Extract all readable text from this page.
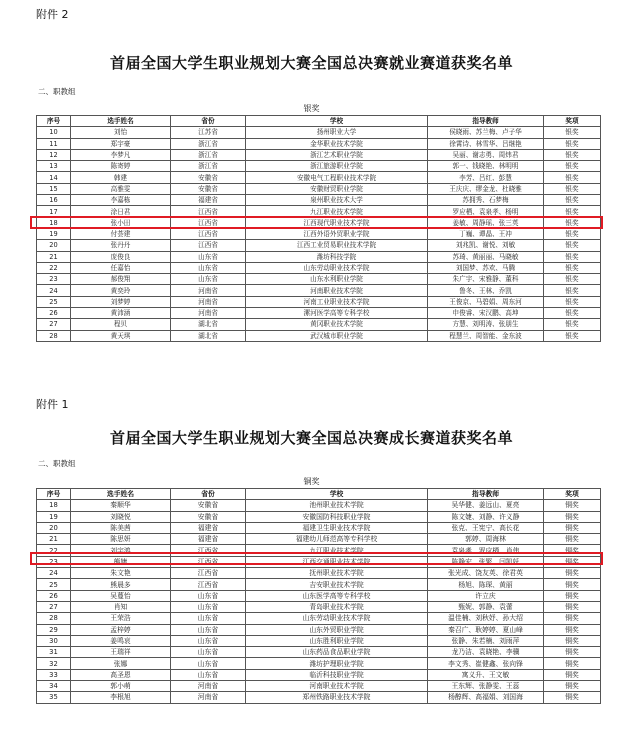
附件 2
首届全国大学生职业规划大赛全国总决赛就业赛道获奖名单
二、职教组
银奖
序号	选手姓名	省份	学校	指导教师	奖项
10	刘怡	江苏省	扬州职业大学	侯晓雨、苏兰梅、卢子华	银奖
11	郑宇豪	浙江省	金华职业技术学院	徐霄诗、林雪华、吕继艳	银奖
12	李梦凡	浙江省	浙江艺术职业学院	吴丽、谢志勇、周炜君	银奖
13	陈寄婷	浙江省	浙江旅游职业学院	郭一、钱晓艳、林明明	银奖
14	韩建	安徽省	安徽电气工程职业技术学院	李芳、吕红、彭慧	银奖
15	高雅雯	安徽省	安徽财贸职业学院	王庆庆、缪金龙、杜晓雅	银奖
16	李嘉栋	福建省	泉州职业技术大学	苏拥秀、石梦梅	银奖
17	涂日君	江西省	九江职业技术学院	罗应栖、袁泉孝、杨明	银奖
18	张小田	江西省	江西现代职业技术学院	姜敏、周静瑶、张三英	银奖
19	付荟建	江西省	江西外语外贸职业学院	丁巍、谭晶、王冲	银奖
20	张丹丹	江西省	江西工业贸易职业技术学院	刘兆凯、谢悦、刘敏	银奖
21	庞俊良	山东省	潍坊科技学院	苏琦、黄丽丽、马晓敏	银奖
22	任嘉怡	山东省	山东劳动职业技术学院	刘国梦、苏欢、马腾	银奖
23	郝俊翔	山东省	山东水利职业学院	朱广宇、宋雅静、董科	银奖
24	黄奕玲	河南省	河南职业技术学院	鲁冬、王林、乔凯	银奖
25	刘梦婷	河南省	河南工业职业技术学院	王俊京、马碧娟、周东河	银奖
26	黄沛涵	河南省	漯河医学高等专科学校	申俊睿、宋汉鹏、高坤	银奖
27	程贝	湖北省	黄冈职业技术学院	方慧、刘明涛、张朋生	银奖
28	黄天琪	湖北省	武汉城市职业学院	程慧兰、周智能、金东波	银奖
附件 1
首届全国大学生职业规划大赛全国总决赛成长赛道获奖名单
二、职教组
铜奖
序号	选手姓名	省份	学校	指导教师	奖项
18	秦顺华	安徽省	池州职业技术学院	吴华健、姜远山、夏亮	铜奖
19	刘晓悦	安徽省	安徽国防科技职业学院	陈文婕、刘静、许义静	铜奖
20	陈美茜	福建省	福建卫生职业技术学院	张克、王宪宁、高长花	铜奖
21	陈思妍	福建省	福建幼儿师范高等专科学校	郭婷、周海林	铜奖
22	刘宇鸿	江西省	九江职业技术学院	袁泉孝、罗应栖、肖伟	铜奖
23	熊婕	江西省	江西交通职业技术学院	陈静宏、张繁、闫凯妖	铜奖
24	朱文艳	江西省	抚州职业技术学院	张光成、饶友英、徐君英	铜奖
25	熊晨多	江西省	吉安职业技术学院	杨旭、陈琛、黄丽	铜奖
26	吴蔓怡	山东省	山东医学高等专科学校	许立庆	铜奖
27	肖知	山东省	青岛职业技术学院	甄妮、郭静、袁蕾	铜奖
28	王荣浩	山东省	山东劳动职业技术学院	温佳楠、刘秋妤、孙大绍	铜奖
29	孟梓婷	山东省	山东外贸职业学院	秦召广、耿婷婷、夏山峰	铜奖
30	姜鸣哀	山东省	山东胜利职业学院	张静、朱若楠、刘雨萍	铜奖
31	王瑞祥	山东省	山东药品食品职业学院	龙乃洁、袁晓艳、李骥	铜奖
32	张娜	山东省	潍坊护理职业学院	李文秀、崔健鑫、张向锋	铜奖
33	高圣恩	山东省	临沂科技职业学院	寓义升、王文敏	铜奖
34	郭小萌	河南省	河南职业技术学院	王东辉、张静雯、王蕊	铜奖
35	李根旭	河南省	郑州铁路职业技术学院	杨醇辉、高福娟、刘国海	铜奖
